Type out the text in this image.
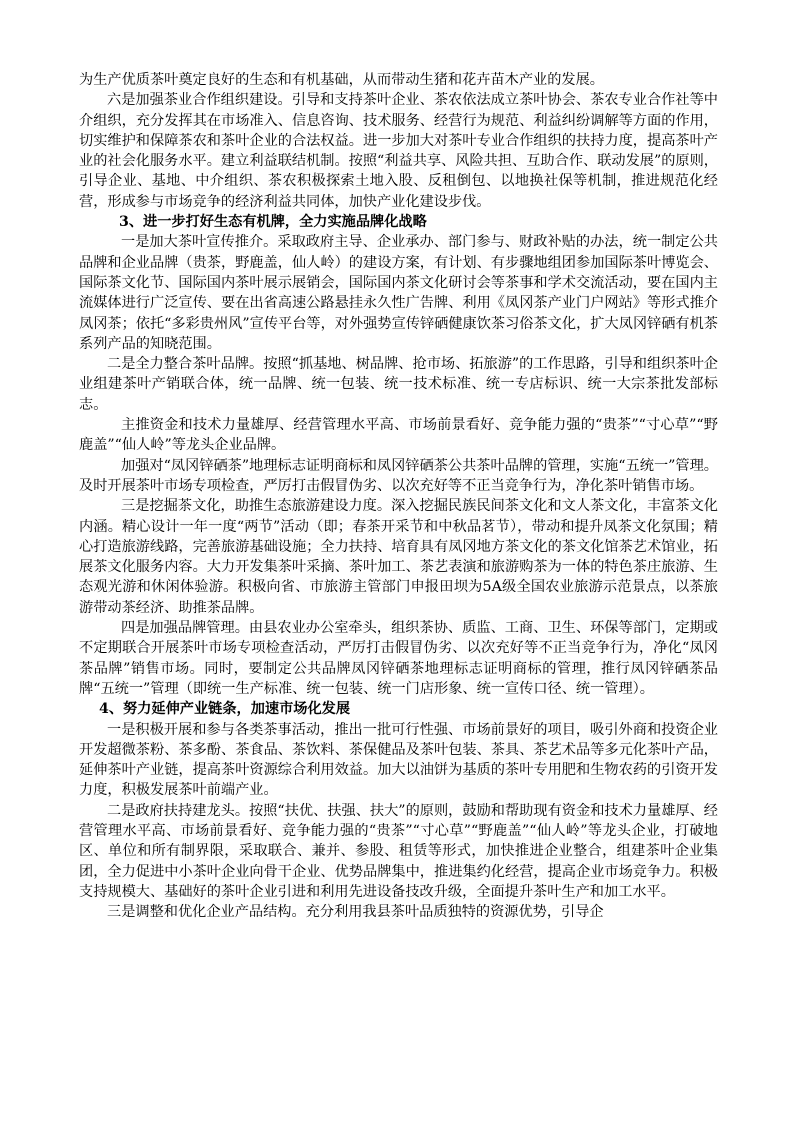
为生产优质茶叶奠定良好的生态和有机基础，从而带动生猪和花卉苗木产业的发展。

六是加强茶业合作组织建设。引导和支持茶叶企业、茶农依法成立茶叶协会、茶农专业合作社等中介组织，充分发挥其在市场准入、信息咨询、技术服务、经营行为规范、利益纠纷调解等方面的作用，切实维护和保障茶农和茶叶企业的合法权益。进一步加大对茶叶专业合作组织的扶持力度，提高茶叶产业的社会化服务水平。建立利益联结机制。按照“利益共享、风险共担、互助合作、联动发展”的原则，引导企业、基地、中介组织、茶农积极探索土地入股、反租倒包、以地换社保等机制，推进规范化经营，形成参与市场竞争的经济利益共同体，加快产业化建设步伐。

3、进一步打好生态有机牌，全力实施品牌化战略

一是加大茶叶宣传推介。采取政府主导、企业承办、部门参与、财政补贴的办法，统一制定公共品牌和企业品牌（贵茶，野鹿盖，仙人岭）的建设方案，有计划、有步骤地组团参加国际茶叶博览会、国际茶文化节、国际国内茶叶展示展销会，国际国内茶文化研讨会等茶事和学术交流活动，要在国内主流媒体进行广泛宣传、要在出省高速公路悬挂永久性广告牌、利用《凤冈茶产业门户网站》等形式推介凤冈茶；依托“多彩贵州风”宣传平台等，对外强势宣传锌硒健康饮茶习俗茶文化，扩大凤冈锌硒有机茶系列产品的知晓范围。

二是全力整合茶叶品牌。按照“抓基地、树品牌、抢市场、拓旅游”的工作思路，引导和组织茶叶企业组建茶叶产销联合体，统一品牌、统一包装、统一技术标准、统一专店标识、统一大宗茶批发部标志。

主推资金和技术力量雄厚、经营管理水平高、市场前景看好、竞争能力强的“贵茶”“寸心草”“野鹿盖”“仙人岭”等龙头企业品牌。

加强对“凤冈锌硒茶”地理标志证明商标和凤冈锌硒茶公共茶叶品牌的管理，实施“五统一”管理。及时开展茶叶市场专项检查，严厉打击假冒伪劣、以次充好等不正当竞争行为，净化茶叶销售市场。

三是挖掘茶文化，助推生态旅游建设力度。深入挖掘民族民间茶文化和文人茶文化，丰富茶文化内涵。精心设计一年一度“两节”活动（即；春茶开采节和中秋品茗节），带动和提升凤茶文化氛围；精心打造旅游线路，完善旅游基础设施；全力扶持、培育具有凤冈地方茶文化的茶文化馆茶艺术馆业，拓展茶文化服务内容。大力开发集茶叶采摘、茶叶加工、茶艺表演和旅游购茶为一体的特色茶庄旅游、生态观光游和休闲体验游。积极向省、市旅游主管部门申报田坝为5A级全国农业旅游示范景点，以茶旅游带动茶经济、助推茶品牌。

四是加强品牌管理。由县农业办公室牵头，组织茶协、质监、工商、卫生、环保等部门，定期或不定期联合开展茶叶市场专项检查活动，严厉打击假冒伪劣、以次充好等不正当竞争行为，净化“凤冈茶品牌”销售市场。同时，要制定公共品牌凤冈锌硒茶地理标志证明商标的管理，推行凤冈锌硒茶品牌“五统一”管理（即统一生产标准、统一包装、统一门店形象、统一宣传口径、统一管理）。

4、努力延伸产业链条，加速市场化发展

一是积极开展和参与各类茶事活动，推出一批可行性强、市场前景好的项目，吸引外商和投资企业开发超微茶粉、茶多酚、茶食品、茶饮料、茶保健品及茶叶包装、茶具、茶艺术品等多元化茶叶产品，延伸茶叶产业链，提高茶叶资源综合利用效益。加大以油饼为基质的茶叶专用肥和生物农药的引资开发力度，积极发展茶叶前端产业。

二是政府扶持建龙头。按照“扶优、扶强、扶大”的原则，鼓励和帮助现有资金和技术力量雄厚、经营管理水平高、市场前景看好、竞争能力强的“贵茶”“寸心草”“野鹿盖”“仙人岭”等龙头企业，打破地区、单位和所有制界限，采取联合、兼并、参股、租赁等形式，加快推进企业整合，组建茶叶企业集团，全力促进中小茶叶企业向骨干企业、优势品牌集中，推进集约化经营，提高企业市场竞争力。积极支持规模大、基础好的茶叶企业引进和利用先进设备技改升级，全面提升茶叶生产和加工水平。

三是调整和优化企业产品结构。充分利用我县茶叶品质独特的资源优势，引导企
